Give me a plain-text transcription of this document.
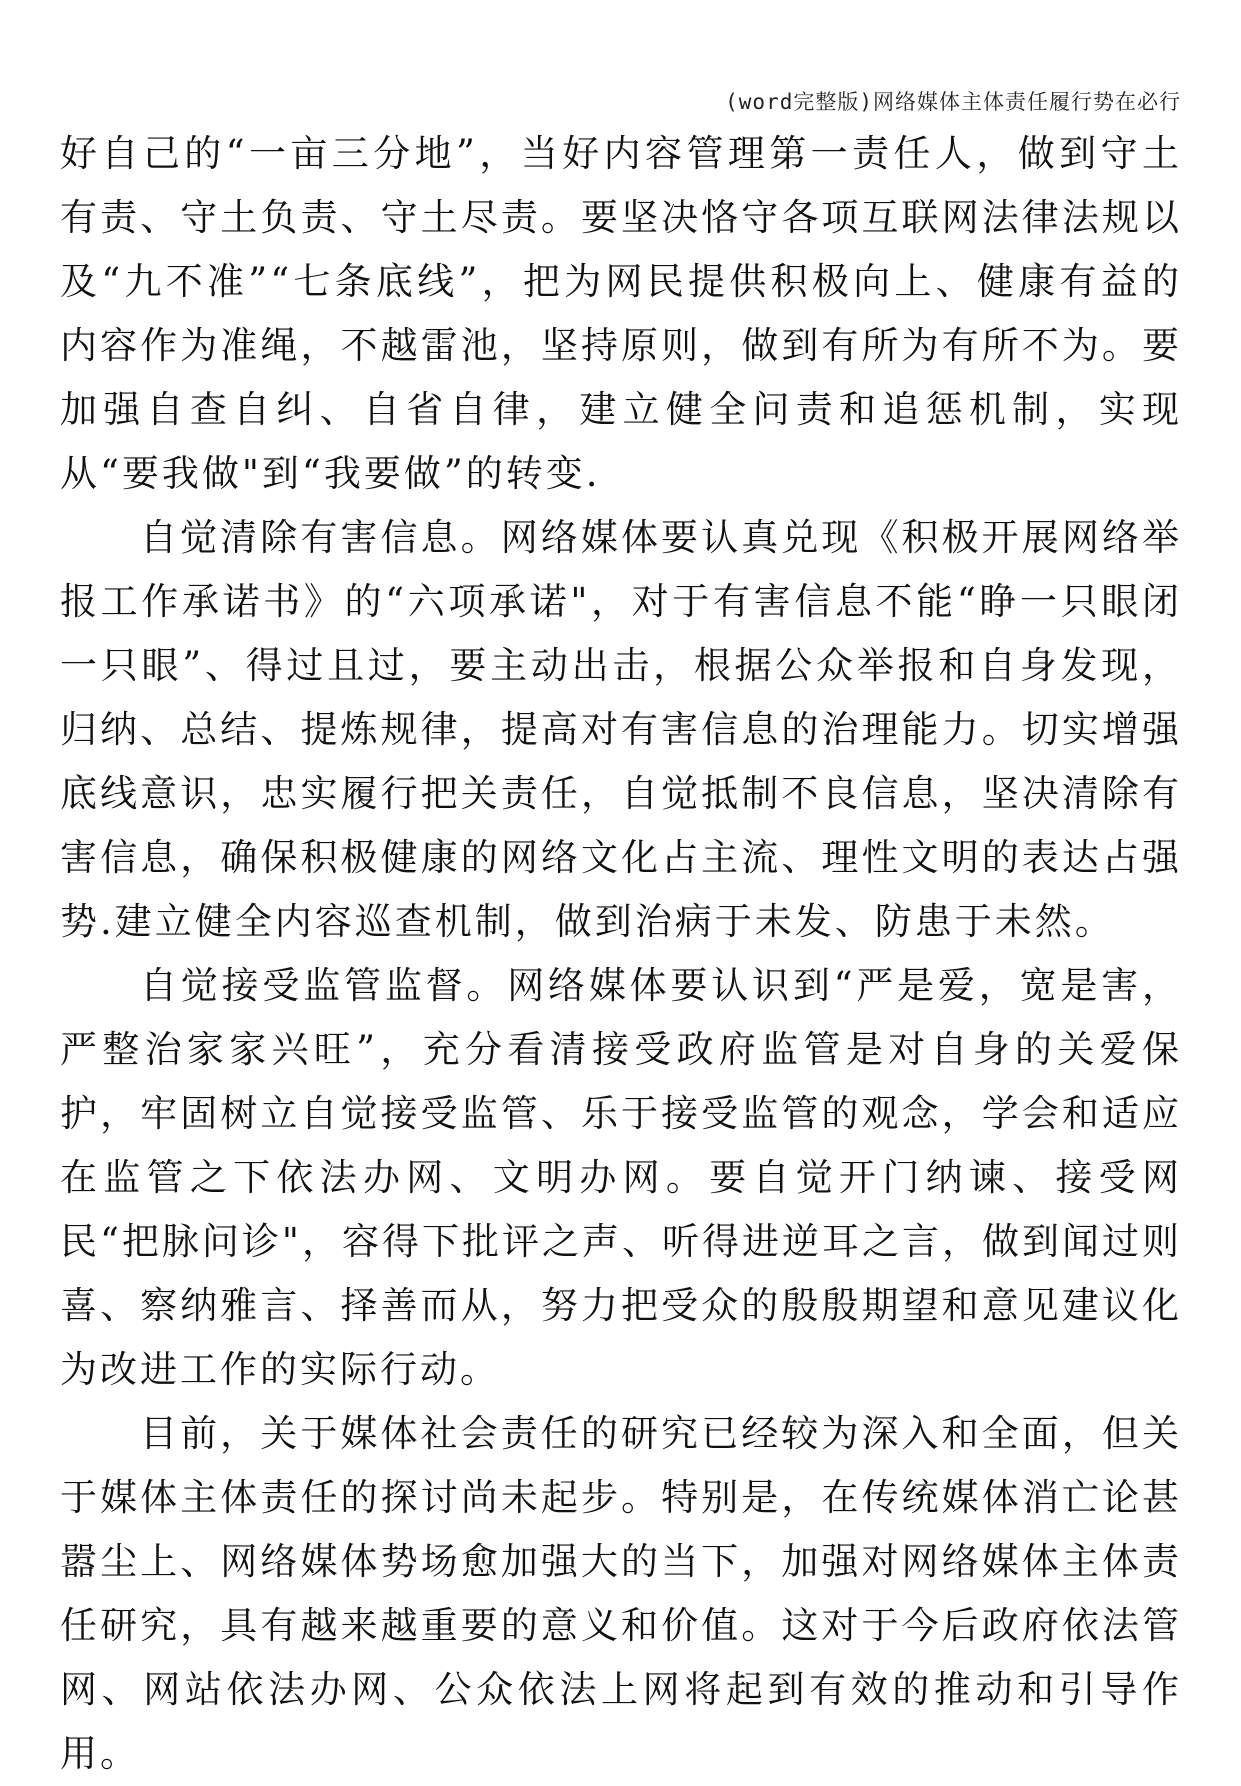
(word完整版)网络媒体主体责任履行势在必行

好自己的“一亩三分地”，当好内容管理第一责任人，做到守土有责、守土负责、守土尽责。要坚决恪守各项互联网法律法规以及“九不准”“七条底线”，把为网民提供积极向上、健康有益的内容作为准绳，不越雷池，坚持原则，做到有所为有所不为。要加强自查自纠、自省自律，建立健全问责和追惩机制，实现从“要我做"到“我要做”的转变.

自觉清除有害信息。网络媒体要认真兑现《积极开展网络举报工作承诺书》的“六项承诺"，对于有害信息不能“睁一只眼闭一只眼”、得过且过，要主动出击，根据公众举报和自身发现，归纳、总结、提炼规律，提高对有害信息的治理能力。切实增强底线意识，忠实履行把关责任，自觉抵制不良信息，坚决清除有害信息，确保积极健康的网络文化占主流、理性文明的表达占强势.建立健全内容巡查机制，做到治病于未发、防患于未然。

自觉接受监管监督。网络媒体要认识到“严是爱，宽是害，严整治家家兴旺”，充分看清接受政府监管是对自身的关爱保护，牢固树立自觉接受监管、乐于接受监管的观念，学会和适应在监管之下依法办网、文明办网。要自觉开门纳谏、接受网民“把脉问诊"，容得下批评之声、听得进逆耳之言，做到闻过则喜、察纳雅言、择善而从，努力把受众的殷殷期望和意见建议化为改进工作的实际行动。

目前，关于媒体社会责任的研究已经较为深入和全面，但关于媒体主体责任的探讨尚未起步。特别是，在传统媒体消亡论甚嚣尘上、网络媒体势场愈加强大的当下，加强对网络媒体主体责任研究，具有越来越重要的意义和价值。这对于今后政府依法管网、网站依法办网、公众依法上网将起到有效的推动和引导作用。
